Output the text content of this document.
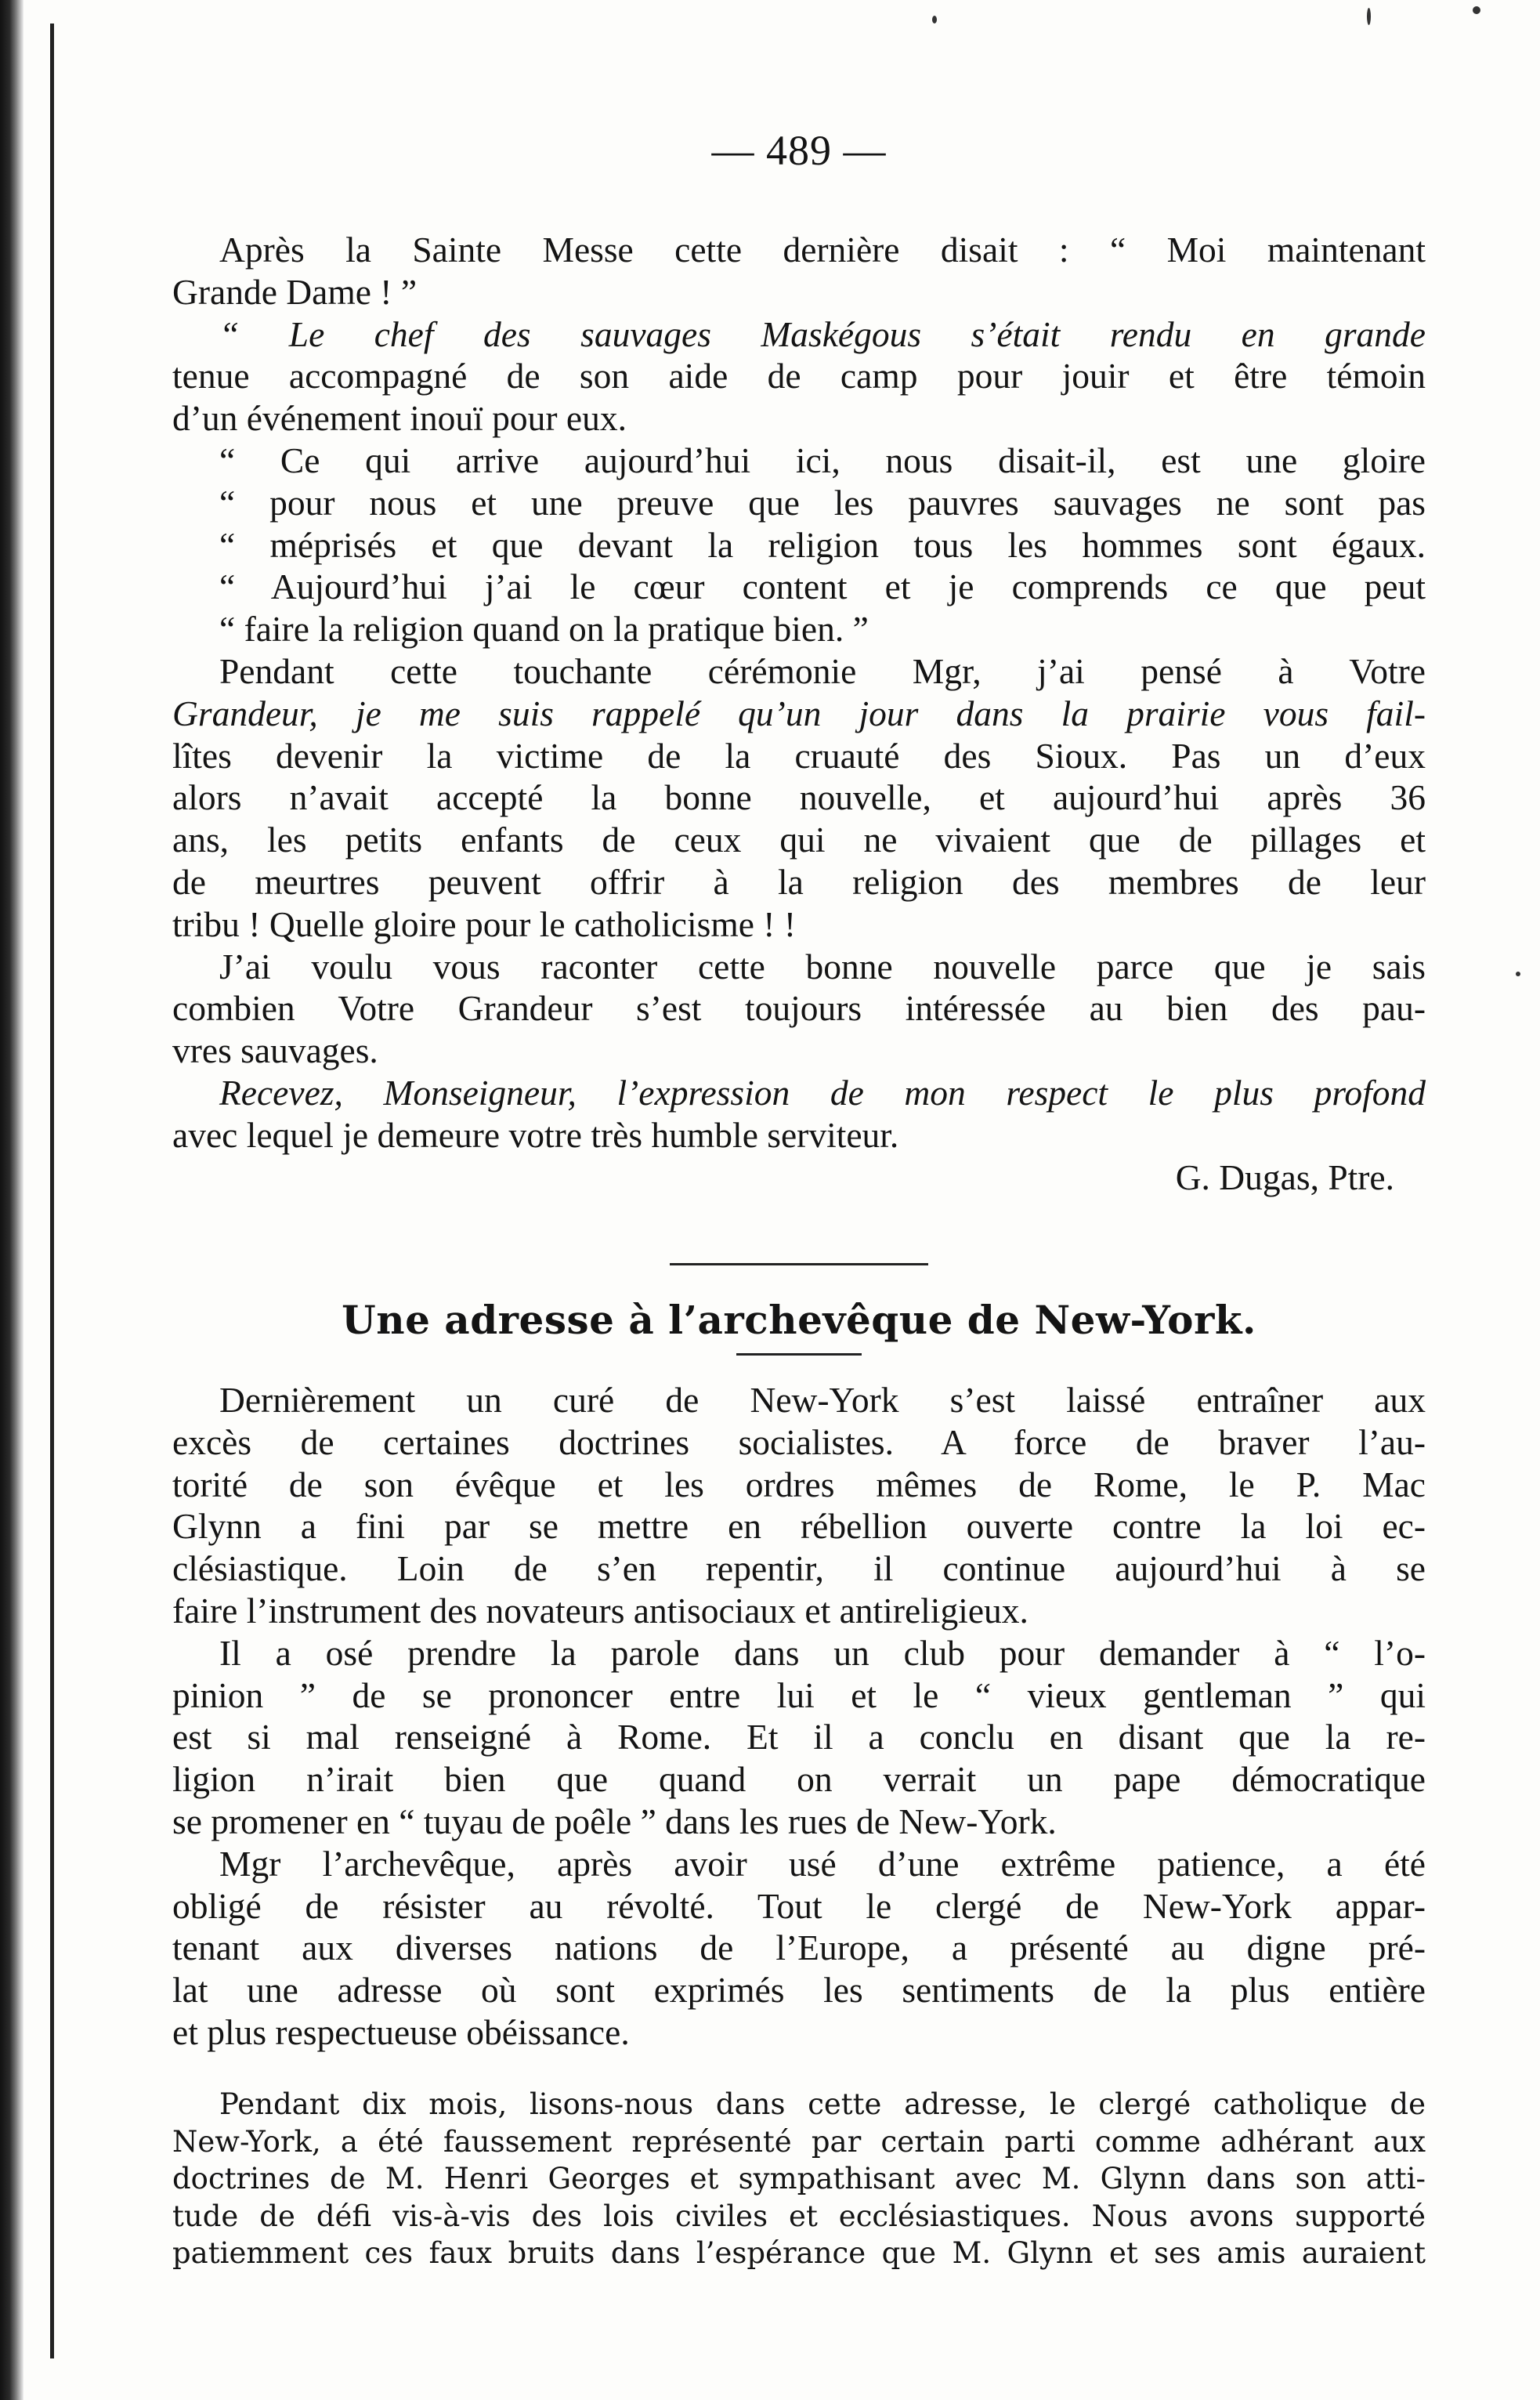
— 489 —
Après la Sainte Messe cette dernière disait : “ Moi maintenant
Grande Dame ! ”
“ Le chef des sauvages Maskégous s’était rendu en grande
tenue accompagné de son aide de camp pour jouir et être témoin
d’un événement inouï pour eux.
“ Ce qui arrive aujourd’hui ici, nous disait-il, est une gloire
“ pour nous et une preuve que les pauvres sauvages ne sont pas
“ méprisés et que devant la religion tous les hommes sont égaux.
“ Aujourd’hui j’ai le cœur content et je comprends ce que peut
“ faire la religion quand on la pratique bien. ”
Pendant cette touchante cérémonie Mgr, j’ai pensé à Votre
Grandeur, je me suis rappelé qu’un jour dans la prairie vous fail-
lîtes devenir la victime de la cruauté des Sioux. Pas un d’eux
alors n’avait accepté la bonne nouvelle, et aujourd’hui après 36
ans, les petits enfants de ceux qui ne vivaient que de pillages et
de meurtres peuvent offrir à la religion des membres de leur
tribu ! Quelle gloire pour le catholicisme ! !
J’ai voulu vous raconter cette bonne nouvelle parce que je sais
combien Votre Grandeur s’est toujours intéressée au bien des pau-
vres sauvages.
Recevez, Monseigneur, l’expression de mon respect le plus profond
avec lequel je demeure votre très humble serviteur.
G. Dugas, Ptre.
Une adresse à l’archevêque de New-York.
Dernièrement un curé de New-York s’est laissé entraîner aux
excès de certaines doctrines socialistes. A force de braver l’au-
torité de son évêque et les ordres mêmes de Rome, le P. Mac
Glynn a fini par se mettre en rébellion ouverte contre la loi ec-
clésiastique. Loin de s’en repentir, il continue aujourd’hui à se
faire l’instrument des novateurs antisociaux et antireligieux.
Il a osé prendre la parole dans un club pour demander à “ l’o-
pinion ” de se prononcer entre lui et le “ vieux gentleman ” qui
est si mal renseigné à Rome. Et il a conclu en disant que la re-
ligion n’irait bien que quand on verrait un pape démocratique
se promener en “ tuyau de poêle ” dans les rues de New-York.
Mgr l’archevêque, après avoir usé d’une extrême patience, a été
obligé de résister au révolté. Tout le clergé de New-York appar-
tenant aux diverses nations de l’Europe, a présenté au digne pré-
lat une adresse où sont exprimés les sentiments de la plus entière
et plus respectueuse obéissance.
Pendant dix mois, lisons-nous dans cette adresse, le clergé catholique de
New-York, a été faussement représenté par certain parti comme adhérant aux
doctrines de M. Henri Georges et sympathisant avec M. Glynn dans son atti-
tude de défi vis-à-vis des lois civiles et ecclésiastiques. Nous avons supporté
patiemment ces faux bruits dans l’espérance que M. Glynn et ses amis auraient
